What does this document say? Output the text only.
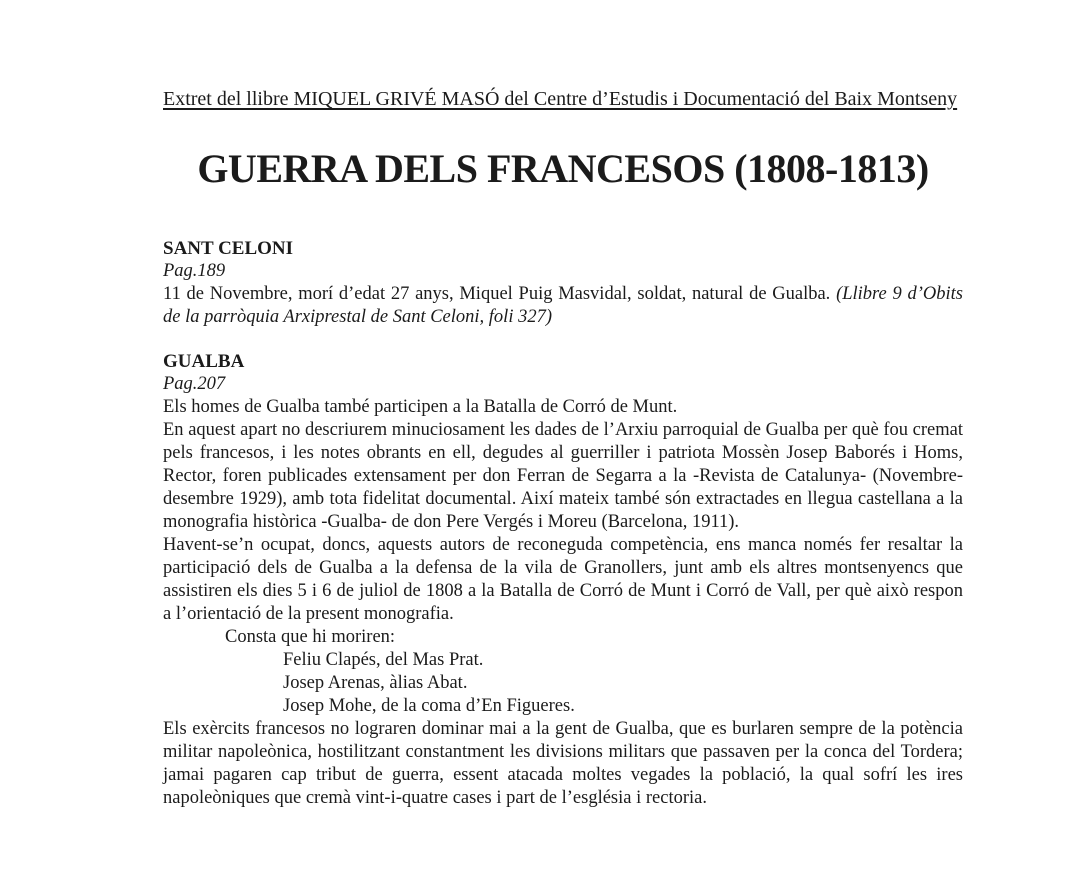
Extret del llibre MIQUEL GRIVÉ MASÓ del Centre d’Estudis i Documentació del Baix Montseny
GUERRA DELS FRANCESOS (1808-1813)
SANT CELONI
Pag.189

11 de Novembre, morí d’edat 27 anys, Miquel Puig Masvidal, soldat, natural de Gualba. (Llibre 9 d’Obits de la parròquia Arxiprestal de Sant Celoni, foli 327)

GUALBA
Pag.207

Els homes de Gualba també participen a la Batalla de Corró de Munt.

En aquest apart no descriurem minuciosament les dades de l’Arxiu parroquial de Gualba per què fou cremat pels francesos, i les notes obrants en ell, degudes al guerriller i patriota Mossèn Josep Baborés i Homs, Rector, foren publicades extensament per don Ferran de Segarra a la -Revista de Catalunya- (Novembre-desembre 1929), amb tota fidelitat documental. Així mateix també són extractades en llegua castellana a la monografia històrica -Gualba- de don Pere Vergés i Moreu (Barcelona, 1911).

Havent-se’n ocupat, doncs, aquests autors de reconeguda competència, ens manca només fer resaltar la participació dels de Gualba a la defensa de la vila de Granollers, junt amb els altres montsenyencs que assistiren els dies 5 i 6 de juliol de 1808 a la Batalla de Corró de Munt i Corró de Vall, per què això respon a l’orientació de la present monografia.

Consta que hi moriren:

Feliu Clapés, del Mas Prat.
Josep Arenas, àlias Abat.
Josep Mohe, de la coma d’En Figueres.

Els exèrcits francesos no lograren dominar mai a la gent de Gualba, que es burlaren sempre de la potència militar napoleònica, hostilitzant constantment les divisions militars que passaven per la conca del Tordera; jamai pagaren cap tribut de guerra, essent atacada moltes vegades la població, la qual sofrí les ires napoleòniques que cremà vint-i-quatre cases i part de l’església i rectoria.
